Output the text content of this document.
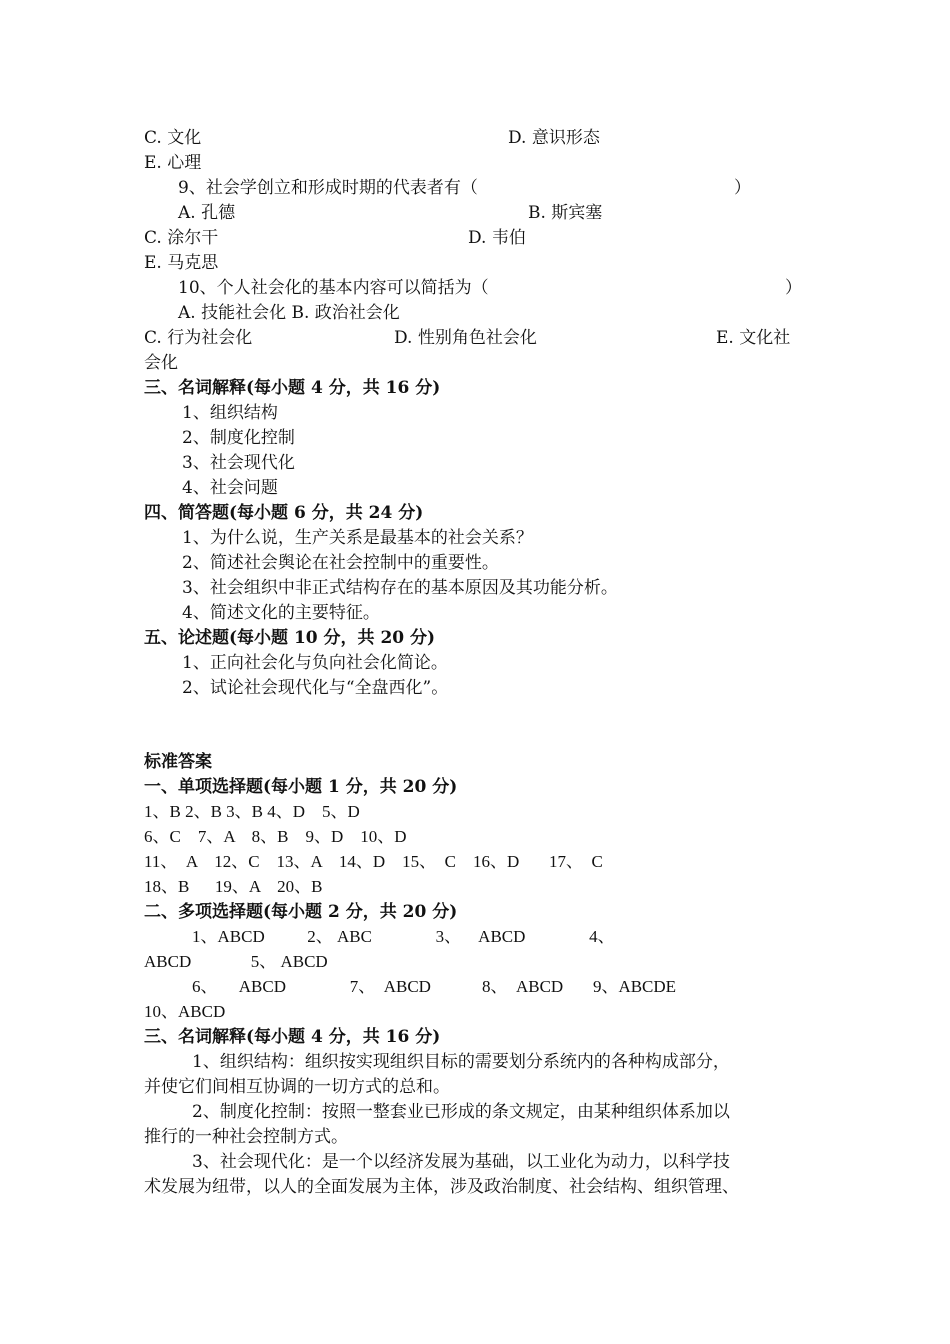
C. 文化	D. 意识形态
E. 心理
9、社会学创立和形成时期的代表者有（	）
A. 孔德	B. 斯宾塞
C. 涂尔干	D. 韦伯
E. 马克思
10、个人社会化的基本内容可以简括为（	）
A. 技能社会化 B. 政治社会化
C. 行为社会化	D. 性别角色社会化	E. 文化社
会化
三、名词解释(每小题 4 分，共 16 分)
1、组织结构
2、制度化控制
3、社会现代化
4、社会问题
四、简答题(每小题 6 分，共 24 分)
1、为什么说，生产关系是最基本的社会关系？
2、简述社会舆论在社会控制中的重要性。
3、社会组织中非正式结构存在的基本原因及其功能分析。
4、简述文化的主要特征。
五、论述题(每小题 10 分，共 20 分)
1、正向社会化与负向社会化简论。
2、试论社会现代化与“全盘西化”。
标准答案
一、单项选择题(每小题 1 分，共 20 分)
1、B 2、B 3、B 4、D    5、D
6、C    7、A    8、B    9、D    10、D
11、  A    12、C    13、A    14、D    15、  C    16、D       17、  C
18、B      19、A    20、B
二、多项选择题(每小题 2 分，共 20 分)
1、ABCD          2、 ABC               3、    ABCD               4、
ABCD              5、 ABCD
6、     ABCD               7、  ABCD            8、  ABCD       9、ABCDE
10、ABCD
三、名词解释(每小题 4 分，共 16 分)
1、组织结构：组织按实现组织目标的需要划分系统内的各种构成部分，
并使它们间相互协调的一切方式的总和。
2、制度化控制：按照一整套业已形成的条文规定，由某种组织体系加以
推行的一种社会控制方式。
3、社会现代化：是一个以经济发展为基础，以工业化为动力，以科学技
术发展为纽带，以人的全面发展为主体，涉及政治制度、社会结构、组织管理、
